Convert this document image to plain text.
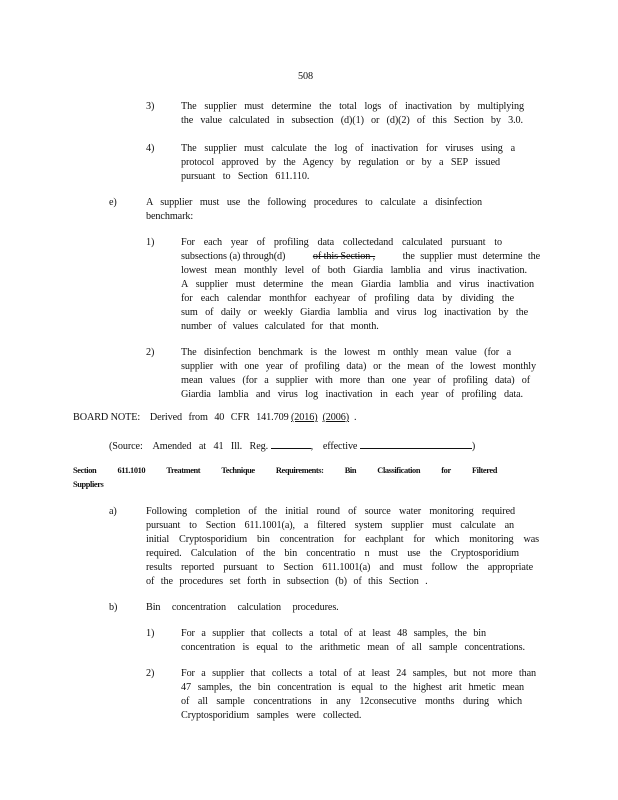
508
3)	The supplier must determine the total logs of inactivation by multiplying
the value calculated in subsection (d)(1) or (d)(2) of this Section by 3.0.
4)	The supplier must calculate the log of inactivation for viruses using a
protocol approved by the Agency by regulation or by a SEP issued
pursuant to Section 611.110.
e)	A supplier must use the following procedures to calculate a disinfection
benchmark:
1)	For each year of profiling data collectedand calculated pursuant to
subsections (a) through(d)	of this Section ,	the supplier must determine the
lowest mean monthly level of both Giardia lamblia and virus inactivation.
A supplier must determine the mean Giardia lamblia and virus inactivation
for each calendar monthfor eachyear of profiling data by dividing the
sum of daily or weekly Giardia lamblia and virus log inactivation by the
number of values calculated for that month.
2)	The disinfection benchmark is the lowest m onthly mean value (for a
supplier with one year of profiling data) or the mean of the lowest monthly
mean values (for a supplier with more than one year of profiling data) of
Giardia lamblia and virus log inactivation in each year of profiling data.
BOARD NOTE: Derived from 40 CFR 141.709 (2016) (2006) .
(Source: Amended at 41 Ill. Reg.	, effective	)
Section	611.1010	Treatment	Technique	Requirements:	Bin	Classification	for	Filtered
Suppliers
a)	Following completion of the initial round of source water monitoring required
pursuant to Section 611.1001(a), a filtered system supplier must calculate an
initial Cryptosporidium bin concentration for eachplant for which monitoring was
required. Calculation of the bin concentratio n must use the Cryptosporidium
results reported pursuant to Section 611.1001(a) and must follow the appropriate
of the procedures set forth in subsection (b) of this Section .
b)	Bin concentration calculation procedures.
1)	For a supplier that collects a total of at least 48 samples, the bin
concentration is equal to the arithmetic mean of all sample concentrations.
2)	For a supplier that collects a total of at least 24 samples, but not more than
47 samples, the bin concentration is equal to the highest arit hmetic mean
of all sample concentrations in any 12consecutive months during which
Cryptosporidium samples were collected.
